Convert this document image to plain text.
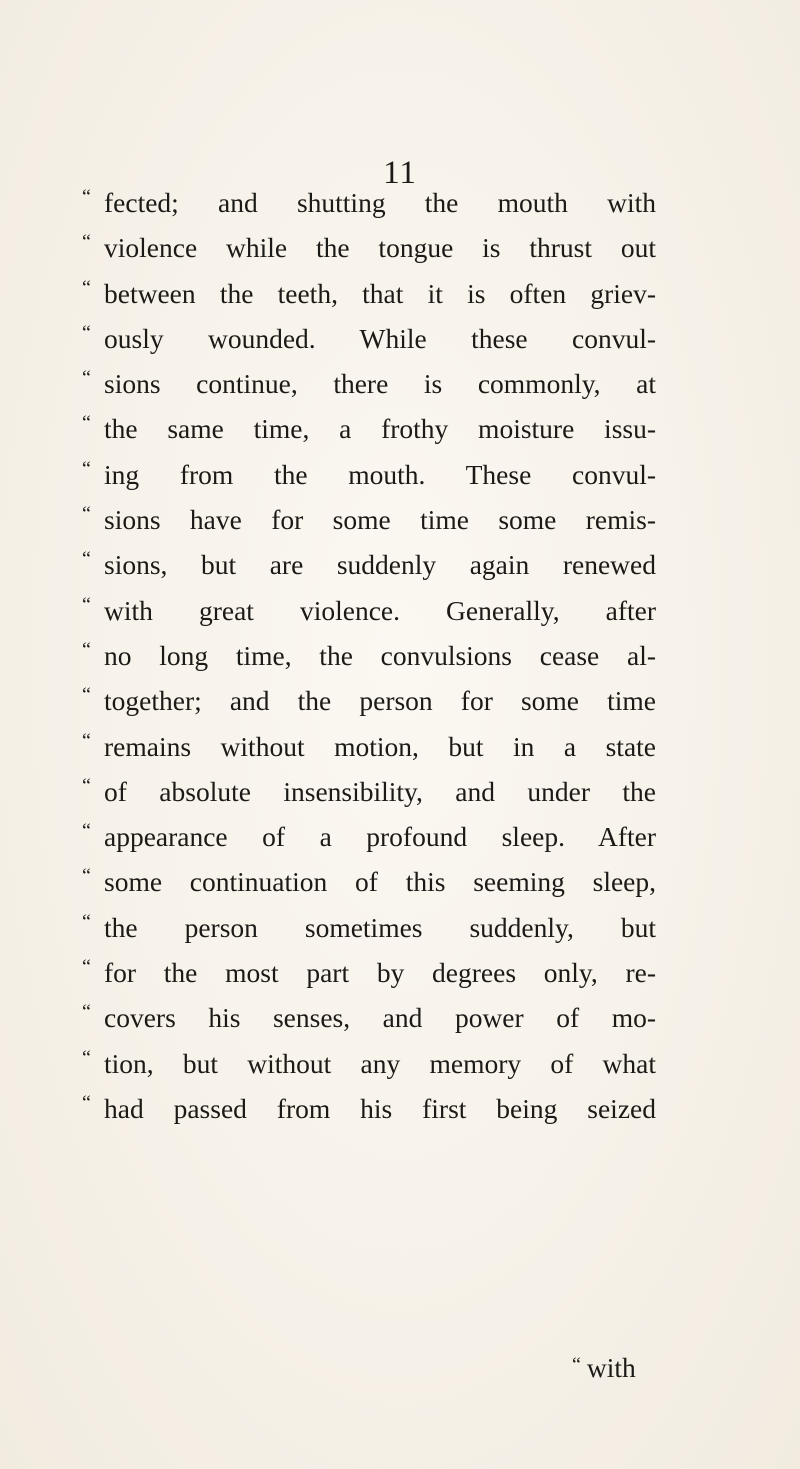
11
“ fected; and shutting the mouth with
“ violence while the tongue is thrust out
“ between the teeth, that it is often griev-
“ ously wounded. While these convul-
“ sions continue, there is commonly, at
“ the same time, a frothy moisture issu-
“ ing from the mouth. These convul-
“ sions have for some time some remis-
“ sions, but are suddenly again renewed
“ with great violence. Generally, after
“ no long time, the convulsions cease al-
“ together; and the person for some time
“ remains without motion, but in a state
“ of absolute insensibility, and under the
“ appearance of a profound sleep. After
“ some continuation of this seeming sleep,
“ the person sometimes suddenly, but
“ for the most part by degrees only, re-
“ covers his senses, and power of mo-
“ tion, but without any memory of what
“ had passed from his first being seized
“ with
